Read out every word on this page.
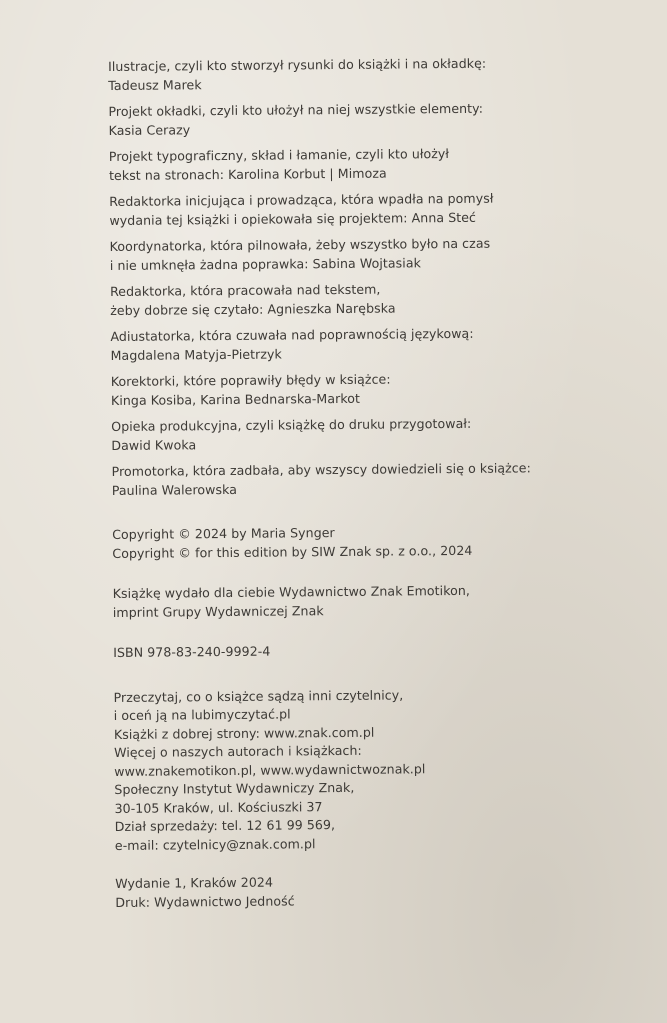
Ilustracje, czyli kto stworzył rysunki do książki i na okładkę:

Tadeusz Marek

Projekt okładki, czyli kto ułożył na niej wszystkie elementy:

Kasia Cerazy

Projekt typograficzny, skład i łamanie, czyli kto ułożył

tekst na stronach: Karolina Korbut | Mimoza

Redaktorka inicjująca i prowadząca, która wpadła na pomysł

wydania tej książki i opiekowała się projektem: Anna Steć

Koordynatorka, która pilnowała, żeby wszystko było na czas

i nie umknęła żadna poprawka: Sabina Wojtasiak

Redaktorka, która pracowała nad tekstem,

żeby dobrze się czytało: Agnieszka Narębska

Adiustatorka, która czuwała nad poprawnością językową:

Magdalena Matyja-Pietrzyk

Korektorki, które poprawiły błędy w książce:

Kinga Kosiba, Karina Bednarska-Markot

Opieka produkcyjna, czyli książkę do druku przygotował:

Dawid Kwoka

Promotorka, która zadbała, aby wszyscy dowiedzieli się o książce:

Paulina Walerowska

Copyright © 2024 by Maria Synger

Copyright © for this edition by SIW Znak sp. z o.o., 2024

Książkę wydało dla ciebie Wydawnictwo Znak Emotikon,

imprint Grupy Wydawniczej Znak

ISBN 978-83-240-9992-4

Przeczytaj, co o książce sądzą inni czytelnicy,

i oceń ją na lubimyczytać.pl

Książki z dobrej strony: www.znak.com.pl

Więcej o naszych autorach i książkach:

www.znakemotikon.pl, www.wydawnictwoznak.pl

Społeczny Instytut Wydawniczy Znak,

30-105 Kraków, ul. Kościuszki 37

Dział sprzedaży: tel. 12 61 99 569,

e-mail: czytelnicy@znak.com.pl

Wydanie 1, Kraków 2024

Druk: Wydawnictwo Jedność
